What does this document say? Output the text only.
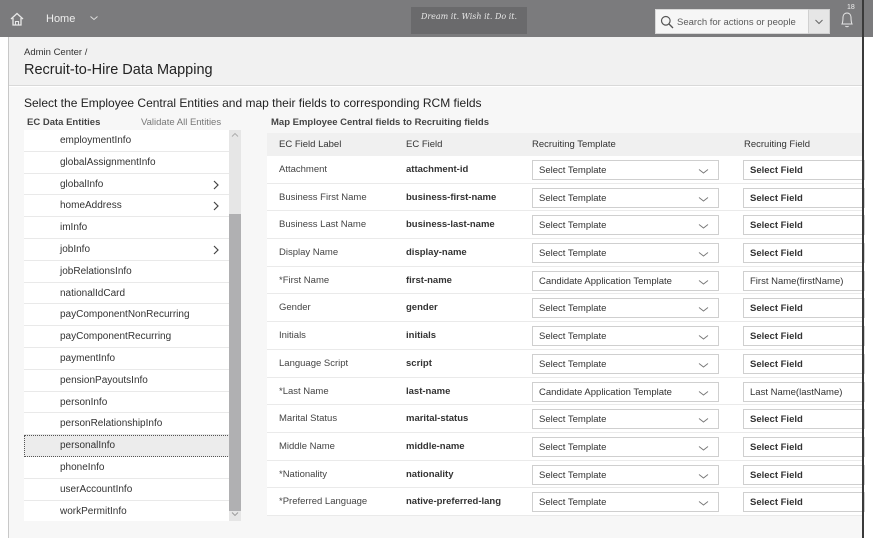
Home	Dream it. Wish it. Do it.
Search for actions or people
18
Admin Center /
Recruit-to-Hire Data Mapping
Select the Employee Central Entities and map their fields to corresponding RCM fields
EC Data Entities	Validate All Entities	Map Employee Central fields to Recruiting fields
employmentInfo
globalAssignmentInfo
globalInfo
homeAddress
imInfo
jobInfo
jobRelationsInfo
nationalIdCard
payComponentNonRecurring
payComponentRecurring
paymentInfo
pensionPayoutsInfo
personInfo
personRelationshipInfo
personalInfo
phoneInfo
userAccountInfo
workPermitInfo
EC Field Label	EC Field	Recruiting Template	Recruiting Field
Attachment	attachment-id	Select Template	Select Field
Business First Name	business-first-name	Select Template	Select Field
Business Last Name	business-last-name	Select Template	Select Field
Display Name	display-name	Select Template	Select Field
*First Name	first-name	Candidate Application Template	First Name(firstName)
Gender	gender	Select Template	Select Field
Initials	initials	Select Template	Select Field
Language Script	script	Select Template	Select Field
*Last Name	last-name	Candidate Application Template	Last Name(lastName)
Marital Status	marital-status	Select Template	Select Field
Middle Name	middle-name	Select Template	Select Field
*Nationality	nationality	Select Template	Select Field
*Preferred Language	native-preferred-lang	Select Template	Select Field
